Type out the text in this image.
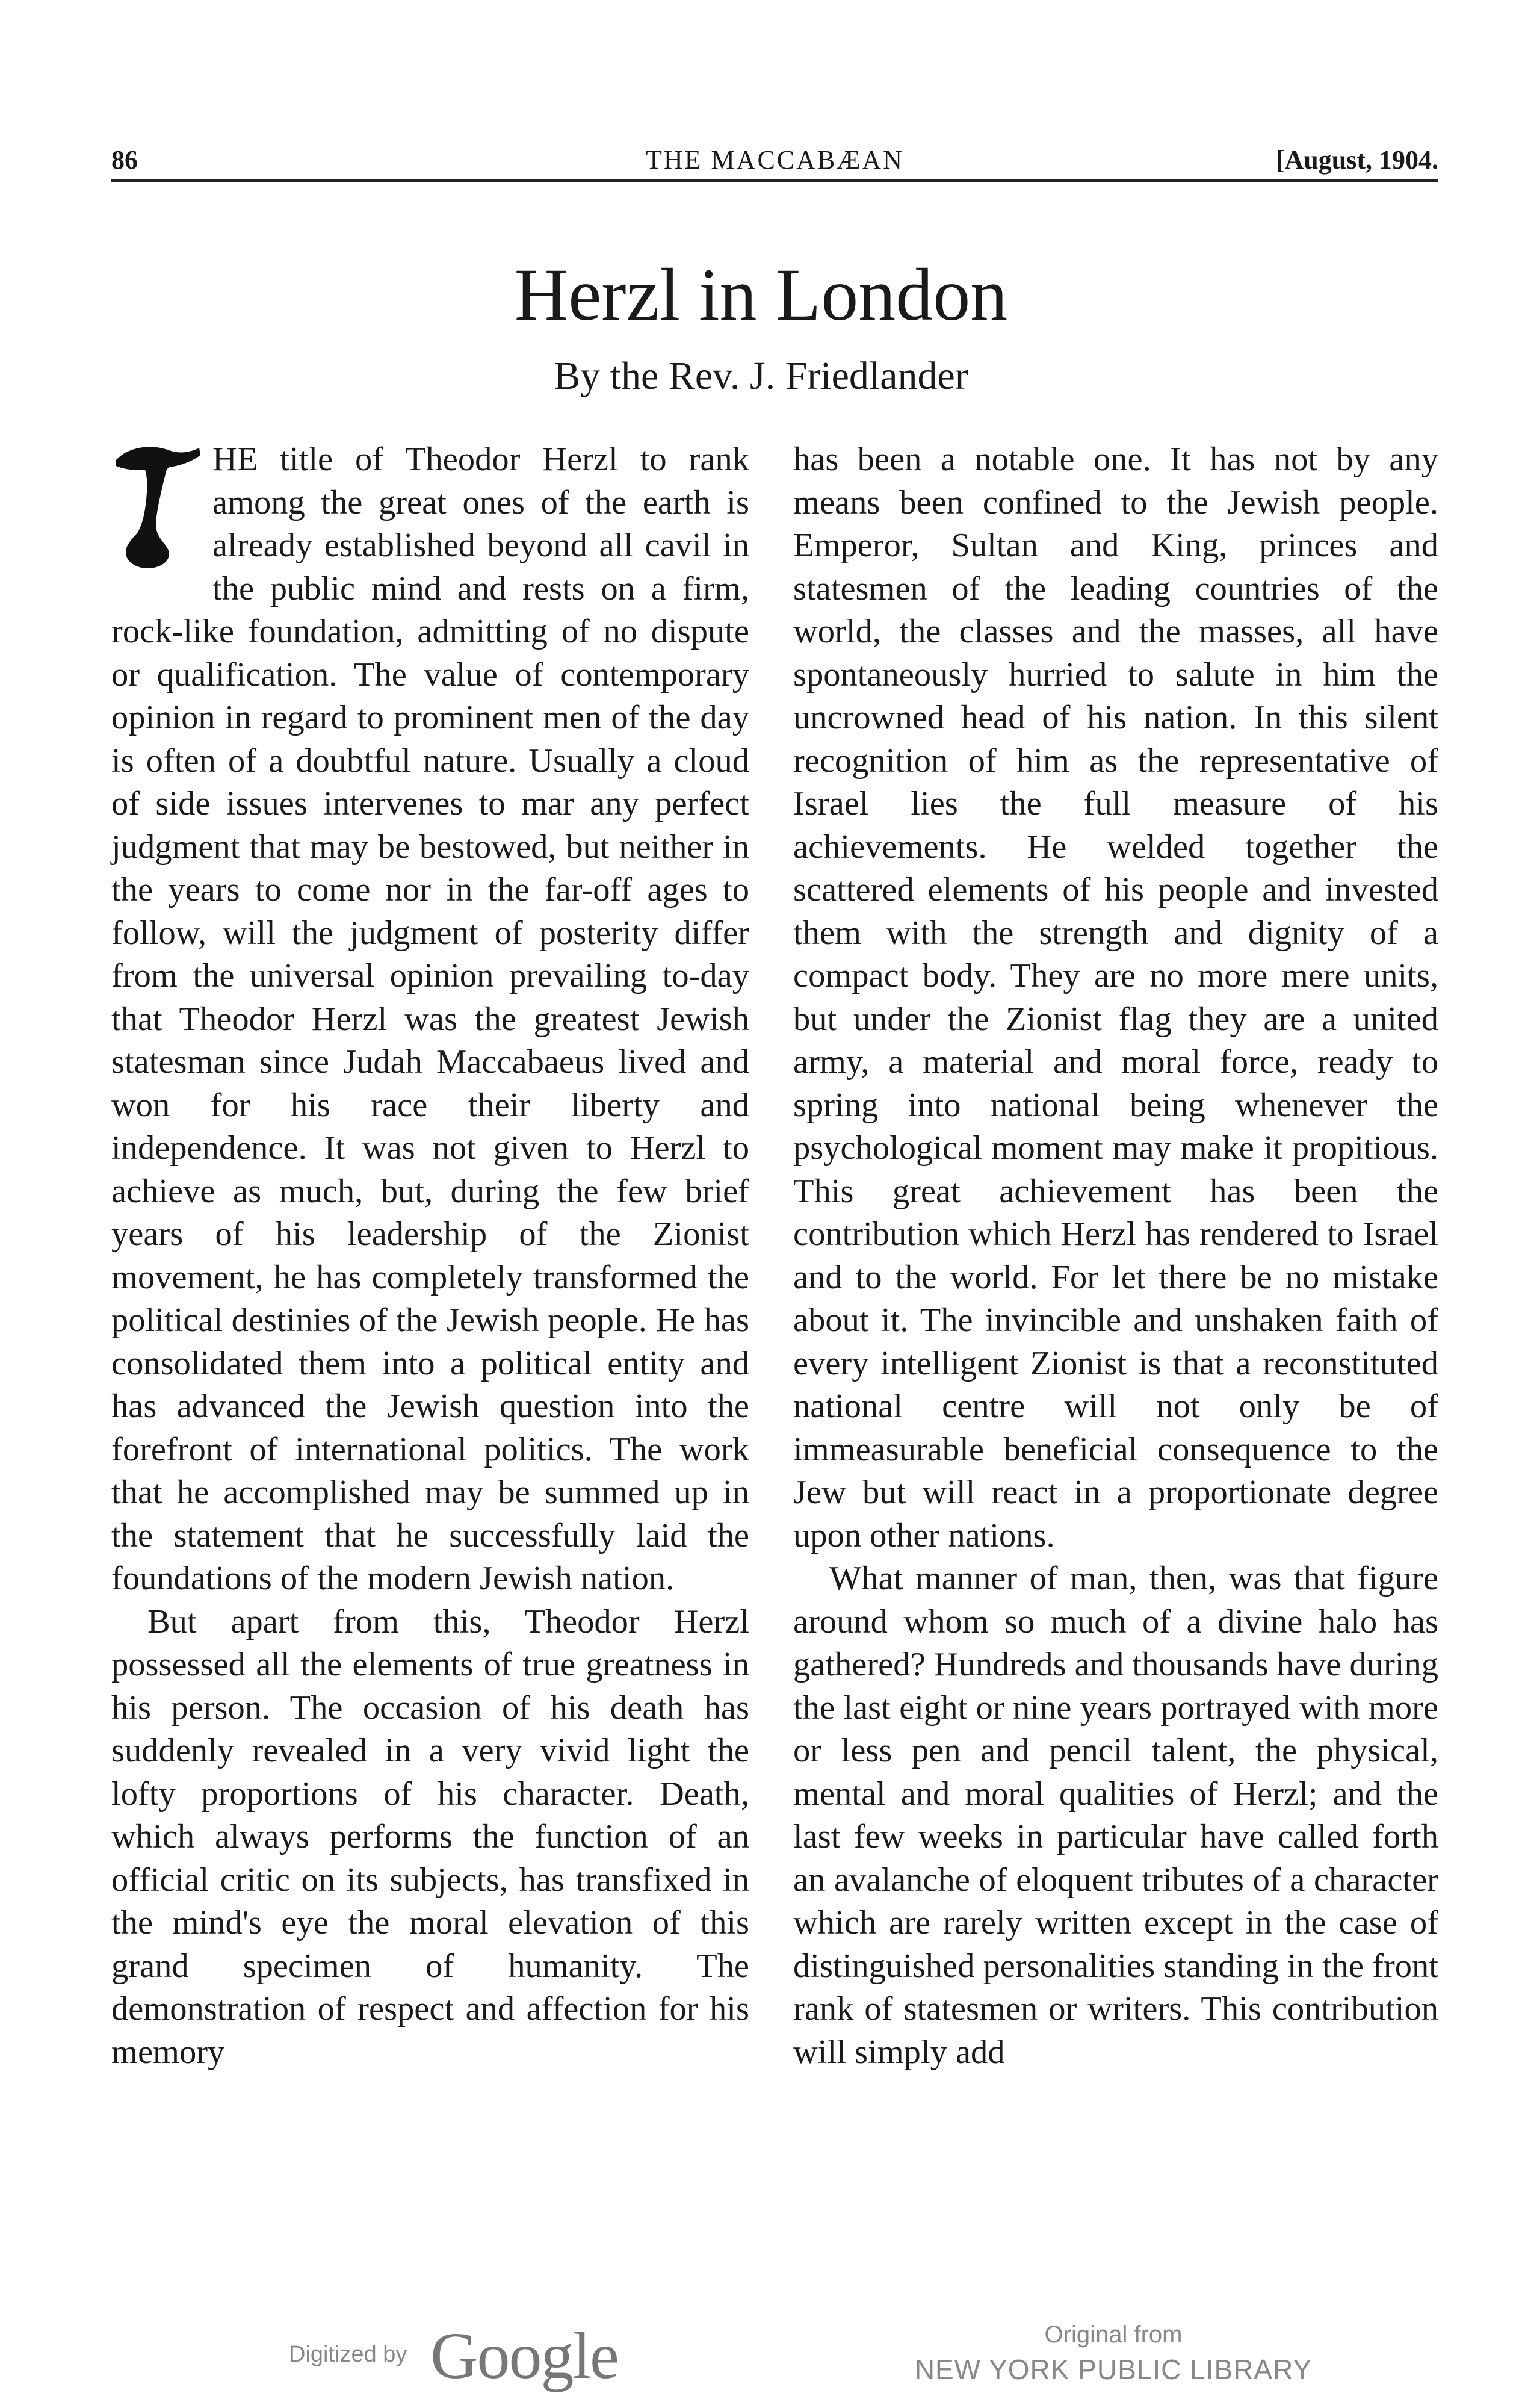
86	THE MACCABÆAN	[August, 1904.
Herzl in London
By the Rev. J. Friedlander

HE title of Theodor Herzl to rank among the great ones of the earth is already established beyond all cavil in the public mind and rests on a firm, rock-like foundation, admitting of no dispute or qualification. The value of contemporary opinion in regard to prominent men of the day is often of a doubtful nature. Usually a cloud of side issues intervenes to mar any perfect judgment that may be bestowed, but neither in the years to come nor in the far-off ages to follow, will the judgment of posterity differ from the universal opinion prevailing to-day that Theodor Herzl was the greatest Jewish statesman since Judah Maccabaeus lived and won for his race their liberty and independence. It was not given to Herzl to achieve as much, but, during the few brief years of his leadership of the Zionist movement, he has completely transformed the political destinies of the Jewish people. He has consolidated them into a political entity and has advanced the Jewish question into the forefront of international politics. The work that he accomplished may be summed up in the statement that he successfully laid the foundations of the modern Jewish nation.

But apart from this, Theodor Herzl possessed all the elements of true greatness in his person. The occasion of his death has suddenly revealed in a very vivid light the lofty proportions of his character. Death, which always performs the function of an official critic on its subjects, has transfixed in the mind's eye the moral elevation of this grand specimen of humanity. The demonstration of respect and affection for his memory

has been a notable one. It has not by any means been confined to the Jewish people. Emperor, Sultan and King, princes and statesmen of the leading countries of the world, the classes and the masses, all have spontaneously hurried to salute in him the uncrowned head of his nation. In this silent recognition of him as the representative of Israel lies the full measure of his achievements. He welded together the scattered elements of his people and invested them with the strength and dignity of a compact body. They are no more mere units, but under the Zionist flag they are a united army, a material and moral force, ready to spring into national being whenever the psychological moment may make it propitious. This great achievement has been the contribution which Herzl has rendered to Israel and to the world. For let there be no mistake about it. The invincible and unshaken faith of every intelligent Zionist is that a reconstituted national centre will not only be of immeasurable beneficial consequence to the Jew but will react in a proportionate degree upon other nations.

What manner of man, then, was that figure around whom so much of a divine halo has gathered? Hundreds and thousands have during the last eight or nine years portrayed with more or less pen and pencil talent, the physical, mental and moral qualities of Herzl; and the last few weeks in particular have called forth an avalanche of eloquent tributes of a character which are rarely written except in the case of distinguished personalities standing in the front rank of statesmen or writers. This contribution will simply add

Digitized by Google	Original from
NEW YORK PUBLIC LIBRARY
